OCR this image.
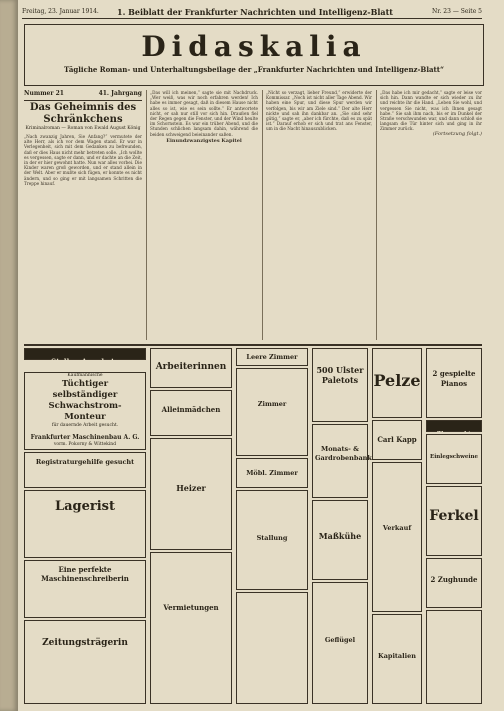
Freitag, 23. Januar 1914. 1. Beiblatt der Frankfurter Nachrichten und Intelligenz-Blatt	Nr. 23 — Seite 5
Didaskalia
Tägliche Roman- und Unterhaltungsbeilage der „Frankfurter Nachrichten und Intelligenz-Blatt“
Nummer 21	41. Jahrgang
Das Geheimnis des Schränkchens
Kriminalroman — Roman von Ewald August König
„Nach zwanzig Jahren, Sie Anfang?“ vermutete der alte Herr, als ich vor dem Wagen stand. Er war in Verlegenheit, sich mit dem Gedanken zu befreunden, daß er dies Haus nicht mehr betreten solle. „Ich wollte es vergessen, sagte er dann, und er dachte an die Zeit, in der er hier gewohnt hatte. Nun war alles vorbei. Die Kinder waren groß geworden, und er stand allein in der Welt. Aber er mußte sich fügen, er konnte es nicht ändern, und so ging er mit langsamen Schritten die Treppe hinauf.
„Das will ich meinen,“ sagte sie mit Nachdruck. „Wer weiß, was wir noch erfahren werden! Ich habe es immer gesagt, daß in diesem Hause nicht alles so ist, wie es sein sollte.“ Er antwortete nicht, er sah nur still vor sich hin. Draußen fiel der Regen gegen die Fenster, und der Wind heulte im Schornstein. Es war ein trüber Abend, und die Stunden schlichen langsam dahin, während die beiden schweigend beieinander saßen.
Einundzwanzigstes Kapitel
„Nicht so verzagt, lieber Freund,“ erwiderte der Kommissar. „Noch ist nicht aller Tage Abend. Wir haben eine Spur, und diese Spur werden wir verfolgen, bis wir am Ziele sind.“ Der alte Herr nickte und sah ihn dankbar an. „Sie sind sehr gütig,“ sagte er, „aber ich fürchte, daß es zu spät ist.“ Darauf erhob er sich und trat ans Fenster, um in die Nacht hinauszublicken.
„Das habe ich mir gedacht,“ sagte er leise vor sich hin. Dann wandte er sich wieder zu ihr und reichte ihr die Hand. „Leben Sie wohl, und vergessen Sie nicht, was ich Ihnen gesagt habe.“ Sie sah ihm nach, bis er im Dunkel der Straße verschwunden war, und dann schloß sie langsam die Tür hinter sich und ging in ihr Zimmer zurück.
(Fortsetzung folgt.)
Stellen-Angebote
Kaufmännische
Tüchtiger selbständiger Schwachstrom-Monteur
für dauernde Arbeit gesucht.
Frankfurter Maschinenbau A. G.
vorm. Pokorny & Wittekind
Registraturgehilfe gesucht
Lagerist
Eine perfekte Maschinenschreiberin
Zeitungsträgerin
Arbeiterinnen
Alleinmädchen
Heizer
Vermietungen
Leere Zimmer
Zimmer
Möbl. Zimmer
Stallung
500 Ulster Paletots
Monats- & Gardrobenbank
Maßkühe
Geflügel
Pelze
Carl Kapp
Verkauf
Kapitalien
2 gespielte Pianos
Tiermarkt
Einlegschweine
Ferkel
2 Zughunde
